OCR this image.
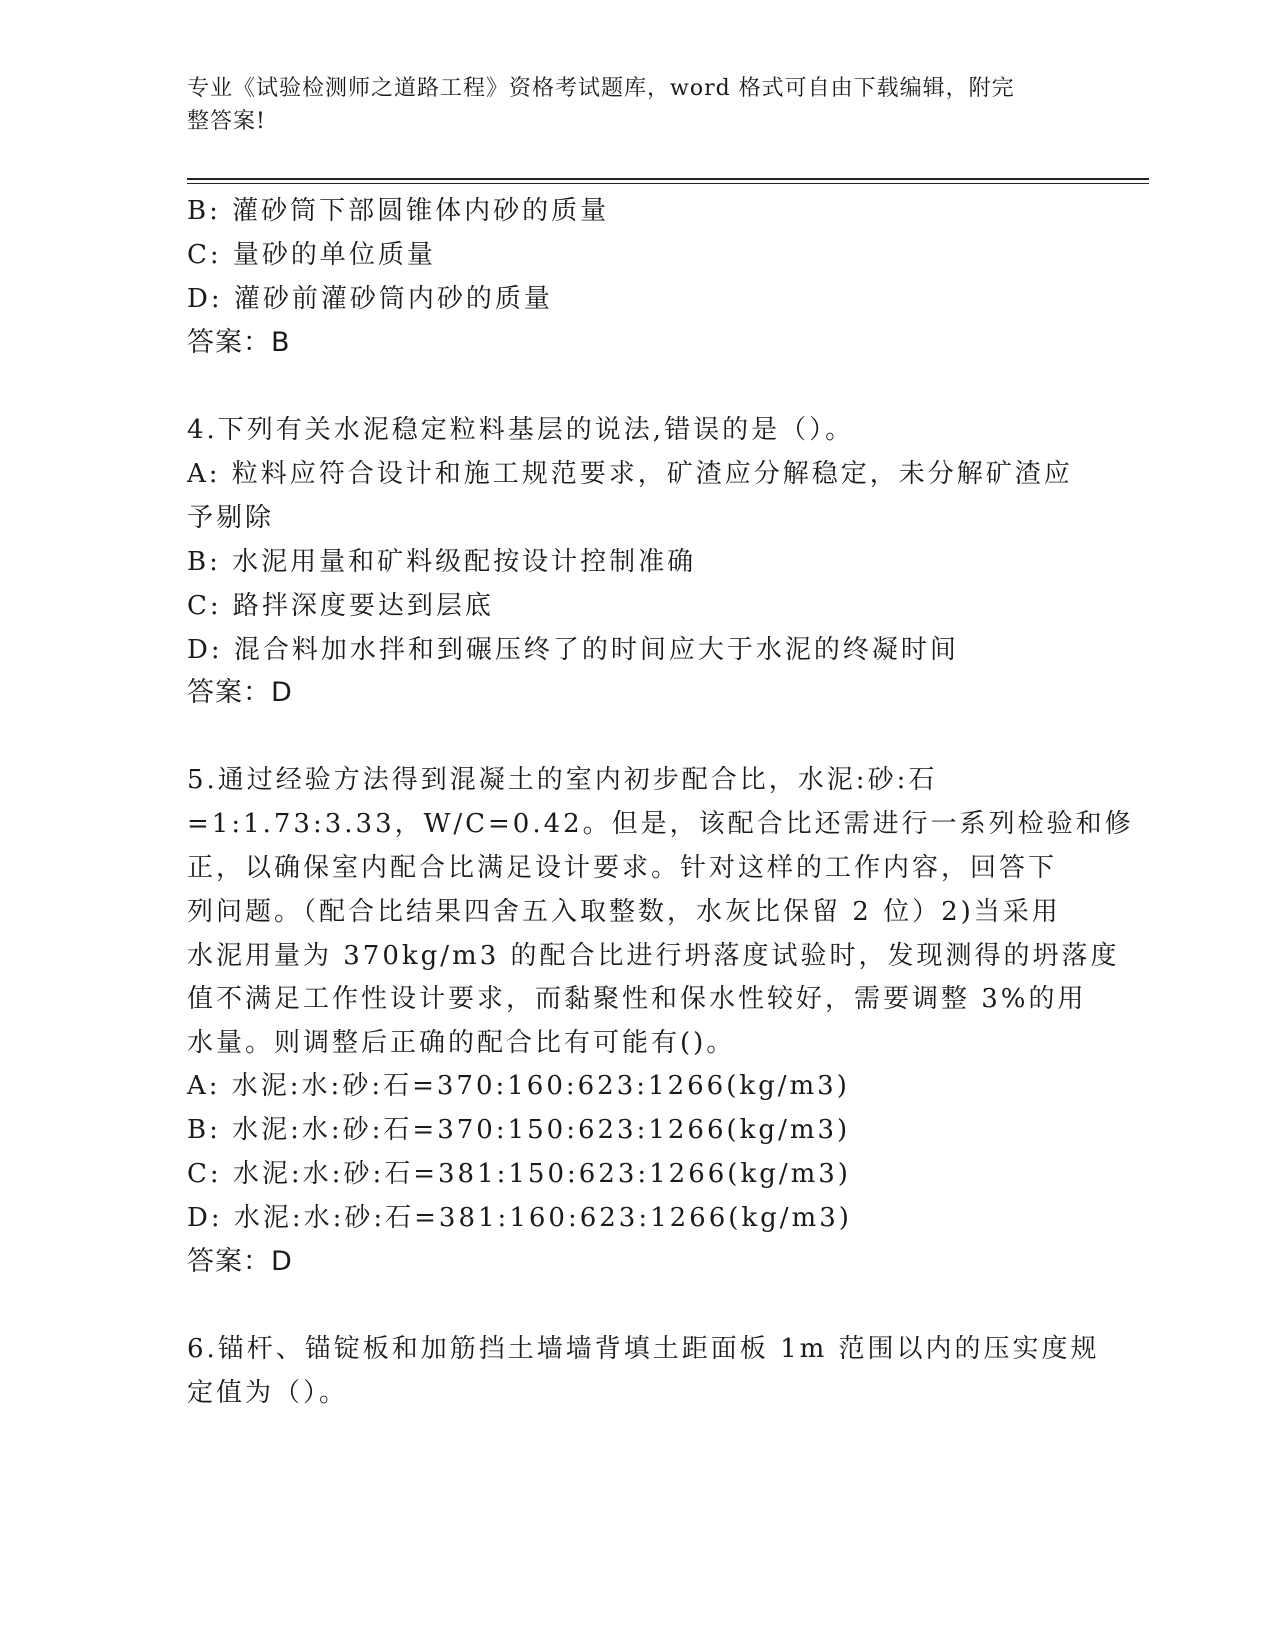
专业《试验检测师之道路工程》资格考试题库，word 格式可自由下载编辑，附完
整答案!
B: 灌砂筒下部圆锥体内砂的质量
C: 量砂的单位质量
D: 灌砂前灌砂筒内砂的质量
答案：B
4.下列有关水泥稳定粒料基层的说法,错误的是（）。
A: 粒料应符合设计和施工规范要求，矿渣应分解稳定，未分解矿渣应
予剔除
B: 水泥用量和矿料级配按设计控制准确
C: 路拌深度要达到层底
D: 混合料加水拌和到碾压终了的时间应大于水泥的终凝时间
答案：D
5.通过经验方法得到混凝土的室内初步配合比，水泥:砂:石
=1:1.73:3.33，W/C=0.42。但是，该配合比还需进行一系列检验和修
正，以确保室内配合比满足设计要求。针对这样的工作内容，回答下
列问题。（配合比结果四舍五入取整数，水灰比保留 2 位）2)当采用
水泥用量为 370kg/m3 的配合比进行坍落度试验时，发现测得的坍落度
值不满足工作性设计要求，而黏聚性和保水性较好，需要调整 3%的用
水量。则调整后正确的配合比有可能有()。
A: 水泥:水:砂:石=370:160:623:1266(kg/m3)
B: 水泥:水:砂:石=370:150:623:1266(kg/m3)
C: 水泥:水:砂:石=381:150:623:1266(kg/m3)
D: 水泥:水:砂:石=381:160:623:1266(kg/m3)
答案：D
6.锚杆、锚锭板和加筋挡土墙墙背填土距面板 1m 范围以内的压实度规
定值为（）。
